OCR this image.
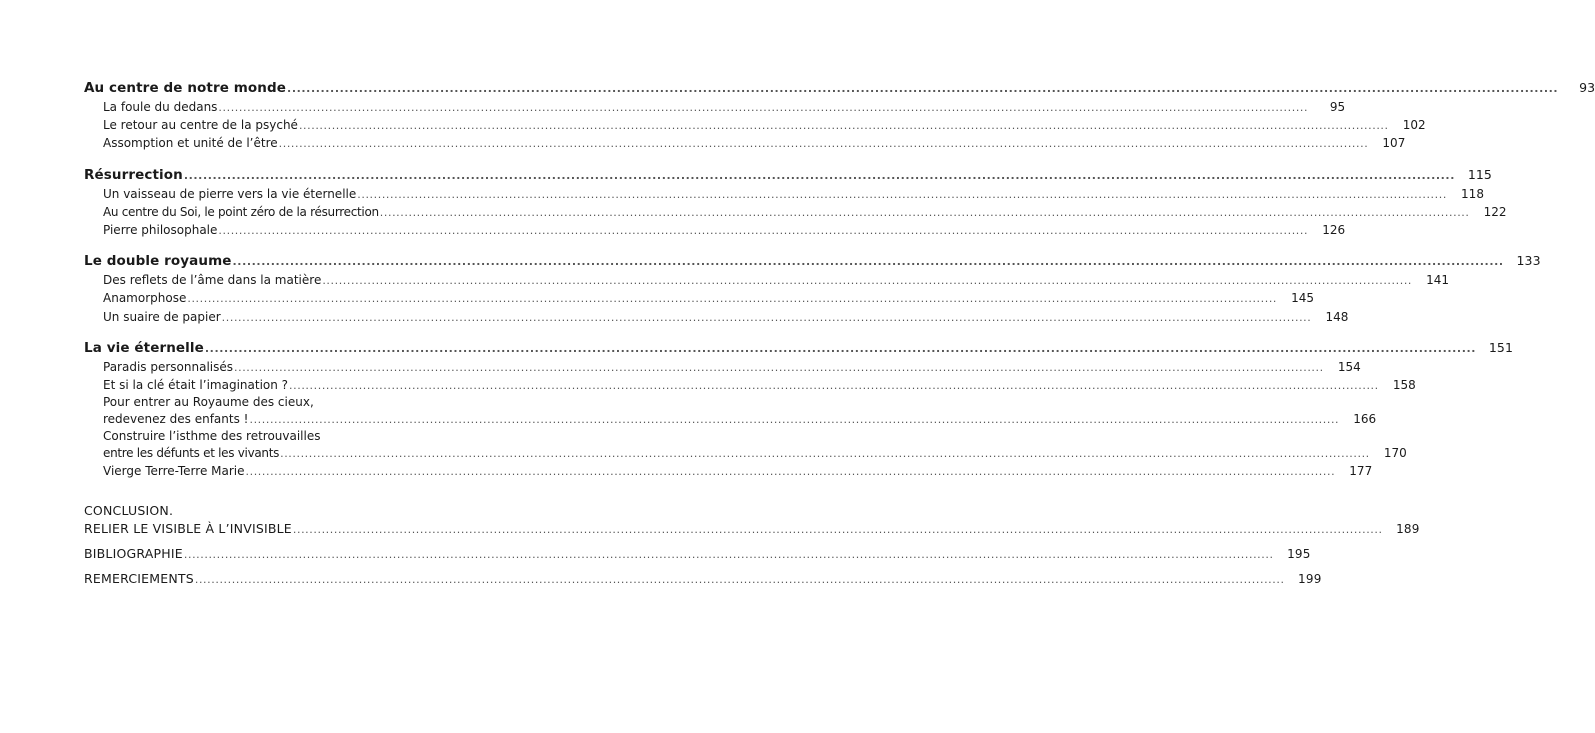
Au centre de notre monde .....	93
La foule du dedans .....	95
Le retour au centre de la psyché .....	102
Assomption et unité de l’être .....	107
Résurrection .....	115
Un vaisseau de pierre vers la vie éternelle .....	118
Au centre du Soi, le point zéro de la résurrection .....	122
Pierre philosophale .....	126
Le double royaume .....	133
Des reflets de l’âme dans la matière .....	141
Anamorphose .....	145
Un suaire de papier .....	148
La vie éternelle .....	151
Paradis personnalisés .....	154
Et si la clé était l’imagination ? .....	158
Pour entrer au Royaume des cieux,
redevenez des enfants ! .....	166
Construire l’isthme des retrouvailles
entre les défunts et les vivants .....	170
Vierge Terre-Terre Marie .....	177
CONCLUSION.
RELIER LE VISIBLE À L’INVISIBLE .....	189
BIBLIOGRAPHIE .....	195
REMERCIEMENTS .....	199
